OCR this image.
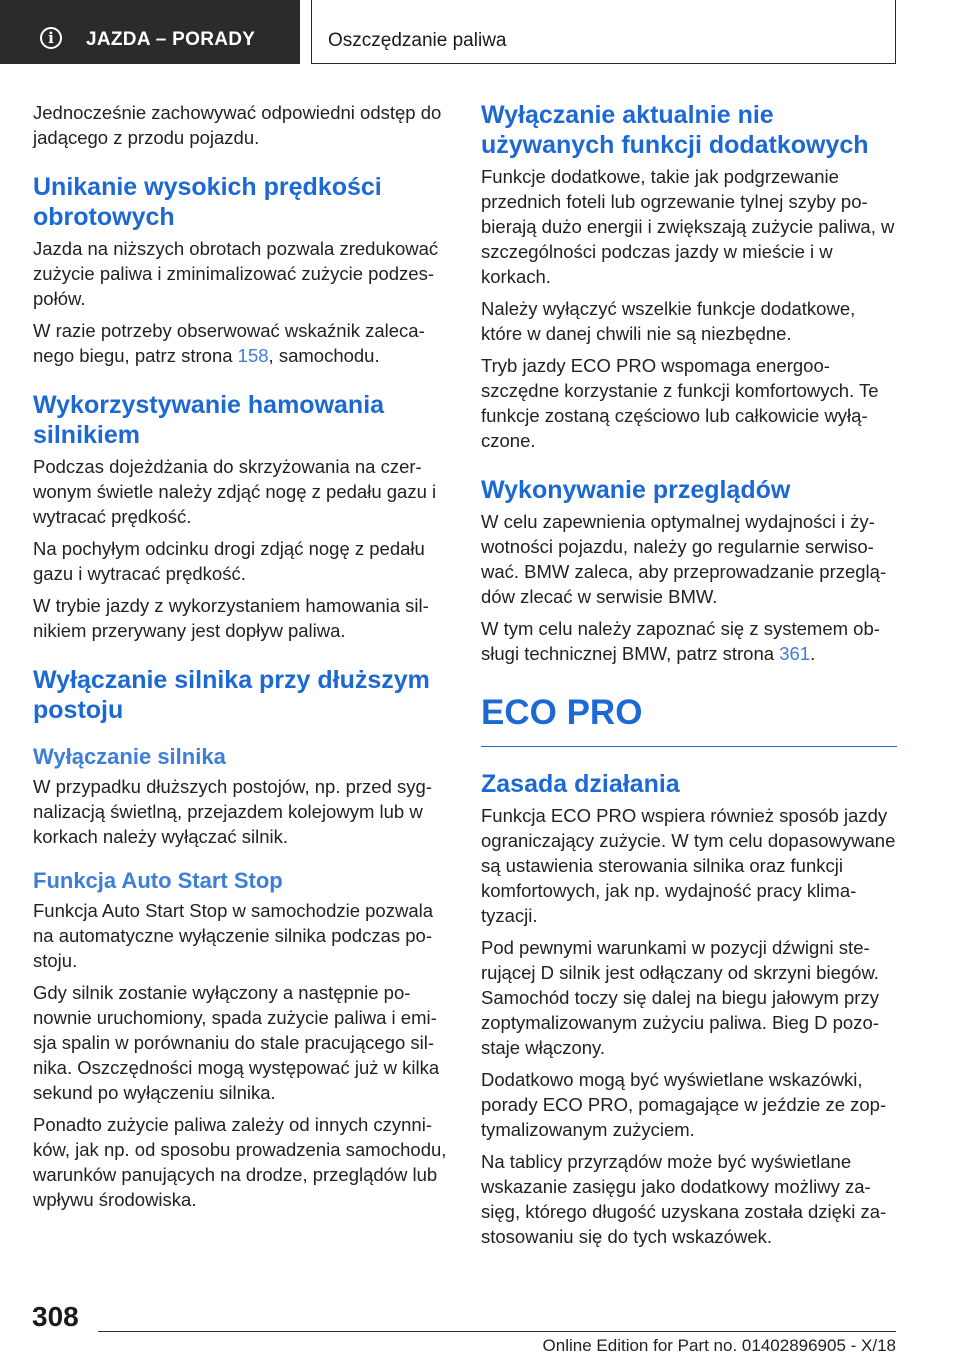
i	JAZDA – PORADY	Oszczędzanie paliwa

Jednocześnie zachowywać odpowiedni odstęp do jadącego z przodu pojazdu.

Unikanie wysokich prędkości obrotowych

Jazda na niższych obrotach pozwala zredukować zużycie paliwa i zminimalizować zużycie podzespołów.

W razie potrzeby obserwować wskaźnik zalecanego biegu, patrz strona 158, samochodu.

Wykorzystywanie hamowania silnikiem

Podczas dojeżdżania do skrzyżowania na czerwonym świetle należy zdjąć nogę z pedału gazu i wytracać prędkość.

Na pochyłym odcinku drogi zdjąć nogę z pedału gazu i wytracać prędkość.

W trybie jazdy z wykorzystaniem hamowania silnikiem przerywany jest dopływ paliwa.

Wyłączanie silnika przy dłuższym postoju
Wyłączanie silnika

W przypadku dłuższych postojów, np. przed sygnalizacją świetlną, przejazdem kolejowym lub w korkach należy wyłączać silnik.

Funkcja Auto Start Stop

Funkcja Auto Start Stop w samochodzie pozwala na automatyczne wyłączenie silnika podczas postoju.

Gdy silnik zostanie wyłączony a następnie ponownie uruchomiony, spada zużycie paliwa i emisja spalin w porównaniu do stale pracującego silnika. Oszczędności mogą występować już w kilka sekund po wyłączeniu silnika.

Ponadto zużycie paliwa zależy od innych czynników, jak np. od sposobu prowadzenia samochodu, warunków panujących na drodze, przeglądów lub wpływu środowiska.

Wyłączanie aktualnie nie używanych funkcji dodatkowych

Funkcje dodatkowe, takie jak podgrzewanie przednich foteli lub ogrzewanie tylnej szyby pobierają dużo energii i zwiększają zużycie paliwa, w szczególności podczas jazdy w mieście i w korkach.

Należy wyłączyć wszelkie funkcje dodatkowe, które w danej chwili nie są niezbędne.

Tryb jazdy ECO PRO wspomaga energooszczędne korzystanie z funkcji komfortowych. Te funkcje zostaną częściowo lub całkowicie wyłączone.

Wykonywanie przeglądów

W celu zapewnienia optymalnej wydajności i żywotności pojazdu, należy go regularnie serwisować. BMW zaleca, aby przeprowadzanie przeglądów zlecać w serwisie BMW.

W tym celu należy zapoznać się z systemem obsługi technicznej BMW, patrz strona 361.

ECO PRO
Zasada działania

Funkcja ECO PRO wspiera również sposób jazdy ograniczający zużycie. W tym celu dopasowywane są ustawienia sterowania silnika oraz funkcji komfortowych, jak np. wydajność pracy klimatyzacji.

Pod pewnymi warunkami w pozycji dźwigni sterującej D silnik jest odłączany od skrzyni biegów. Samochód toczy się dalej na biegu jałowym przy zoptymalizowanym zużyciu paliwa. Bieg D pozostaje włączony.

Dodatkowo mogą być wyświetlane wskazówki, porady ECO PRO, pomagające w jeździe ze zoptymalizowanym zużyciem.

Na tablicy przyrządów może być wyświetlane wskazanie zasięgu jako dodatkowy możliwy zasięg, którego długość uzyskana została dzięki zastosowaniu się do tych wskazówek.

308
Online Edition for Part no. 01402896905 - X/18
